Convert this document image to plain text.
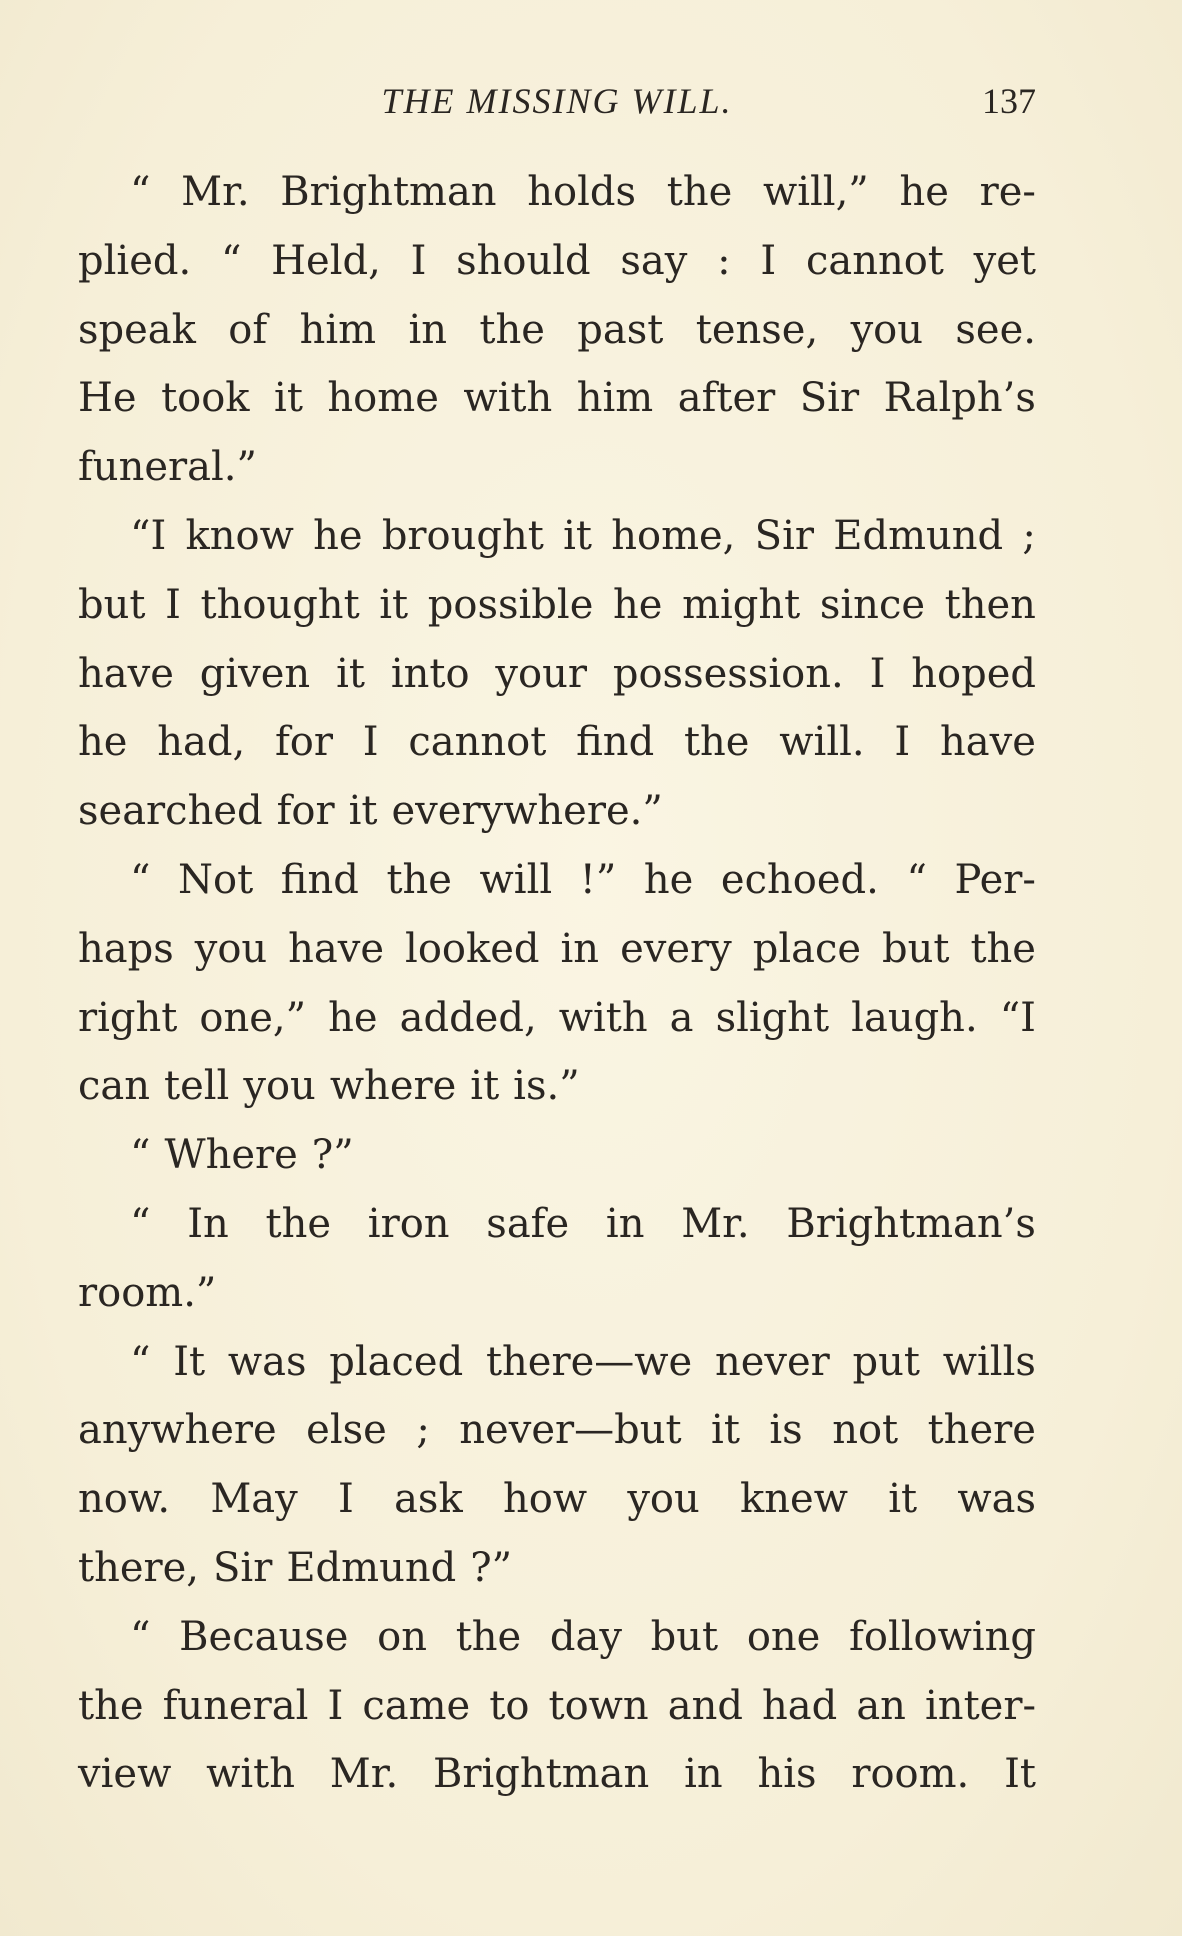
THE MISSING WILL.	137
“ Mr. Brightman holds the will,” he re-
plied. “ Held, I should say : I cannot yet
speak of him in the past tense, you see.
He took it home with him after Sir Ralph’s
funeral.”
“I know he brought it home, Sir Edmund ;
but I thought it possible he might since then
have given it into your possession. I hoped
he had, for I cannot find the will. I have
searched for it everywhere.”
“ Not find the will !” he echoed. “ Per-
haps you have looked in every place but the
right one,” he added, with a slight laugh. “I
can tell you where it is.”
“ Where ?”
“ In the iron safe in Mr. Brightman’s
room.”
“ It was placed there—we never put wills
anywhere else ; never—but it is not there
now. May I ask how you knew it was
there, Sir Edmund ?”
“ Because on the day but one following
the funeral I came to town and had an inter-
view with Mr. Brightman in his room. It
